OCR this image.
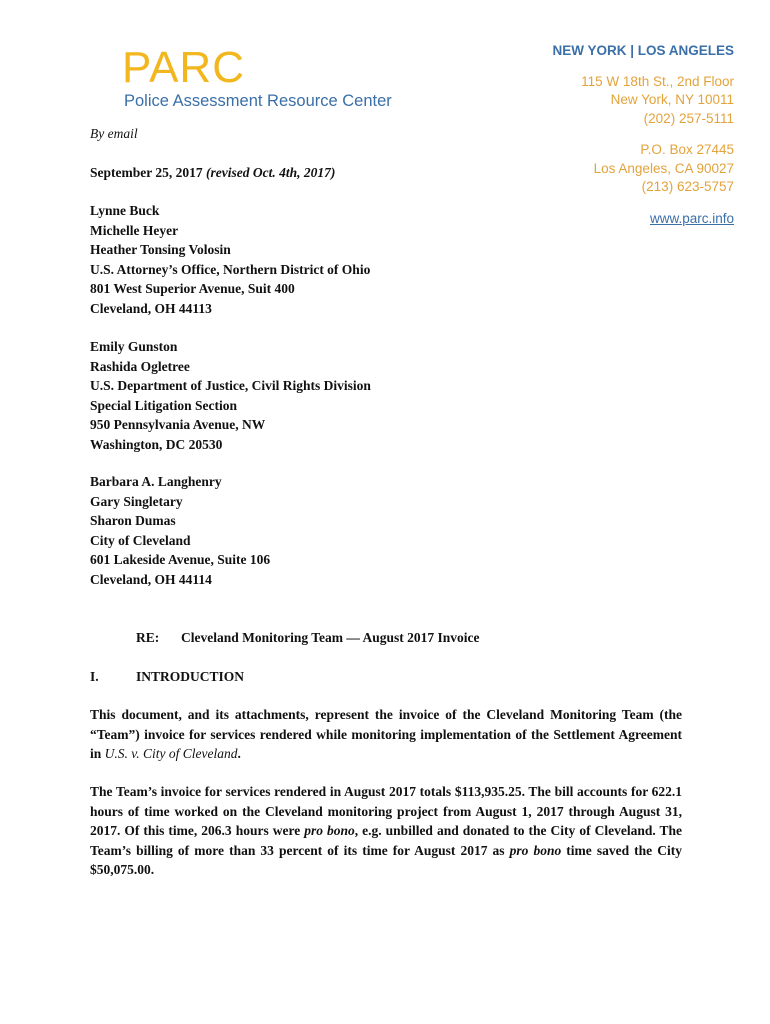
PARC
Police Assessment Resource Center
NEW YORK | LOS ANGELES
115 W 18th St., 2nd Floor
New York, NY 10011
(202) 257-5111
P.O. Box 27445
Los Angeles, CA 90027
(213) 623-5757
www.parc.info
By email
September 25, 2017 (revised Oct. 4th, 2017)
Lynne Buck
Michelle Heyer
Heather Tonsing Volosin
U.S. Attorney’s Office, Northern District of Ohio
801 West Superior Avenue, Suit 400
Cleveland, OH 44113
Emily Gunston
Rashida Ogletree
U.S. Department of Justice, Civil Rights Division
Special Litigation Section
950 Pennsylvania Avenue, NW
Washington, DC 20530
Barbara A. Langhenry
Gary Singletary
Sharon Dumas
City of Cleveland
601 Lakeside Avenue, Suite 106
Cleveland, OH 44114
RE: Cleveland Monitoring Team — August 2017 Invoice
I.	INTRODUCTION

This document, and its attachments, represent the invoice of the Cleveland Monitoring Team (the “Team”) invoice for services rendered while monitoring implementation of the Settlement Agreement in U.S. v. City of Cleveland.

The Team’s invoice for services rendered in August 2017 totals $113,935.25. The bill accounts for 622.1 hours of time worked on the Cleveland monitoring project from August 1, 2017 through August 31, 2017. Of this time, 206.3 hours were pro bono, e.g. unbilled and donated to the City of Cleveland. The Team’s billing of more than 33 percent of its time for August 2017 as pro bono time saved the City $50,075.00.
